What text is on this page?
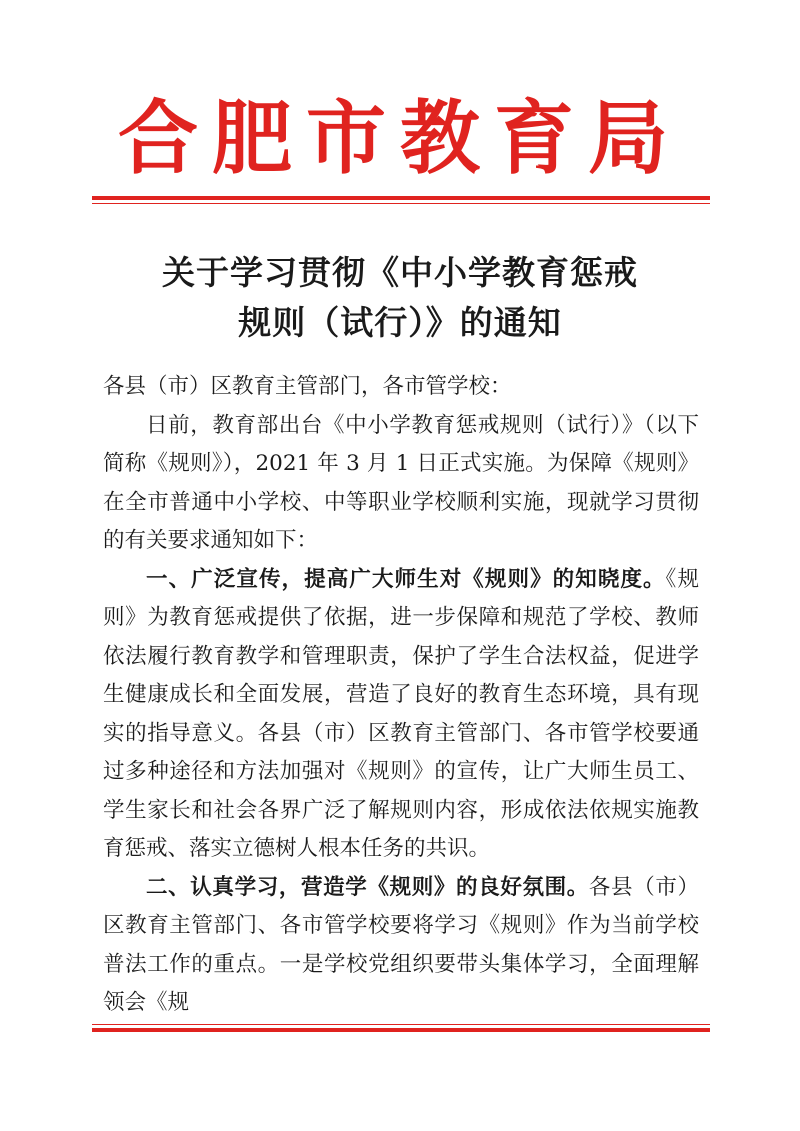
合肥市教育局
关于学习贯彻《中小学教育惩戒
规则（试行）》的通知

各县（市）区教育主管部门，各市管学校：

日前，教育部出台《中小学教育惩戒规则（试行）》（以下简称《规则》），2021 年 3 月 1 日正式实施。为保障《规则》在全市普通中小学校、中等职业学校顺利实施，现就学习贯彻的有关要求通知如下：

一、广泛宣传，提高广大师生对《规则》的知晓度。《规则》为教育惩戒提供了依据，进一步保障和规范了学校、教师依法履行教育教学和管理职责，保护了学生合法权益，促进学生健康成长和全面发展，营造了良好的教育生态环境，具有现实的指导意义。各县（市）区教育主管部门、各市管学校要通过多种途径和方法加强对《规则》的宣传，让广大师生员工、学生家长和社会各界广泛了解规则内容，形成依法依规实施教育惩戒、落实立德树人根本任务的共识。

二、认真学习，营造学《规则》的良好氛围。各县（市）区教育主管部门、各市管学校要将学习《规则》作为当前学校普法工作的重点。一是学校党组织要带头集体学习，全面理解领会《规
